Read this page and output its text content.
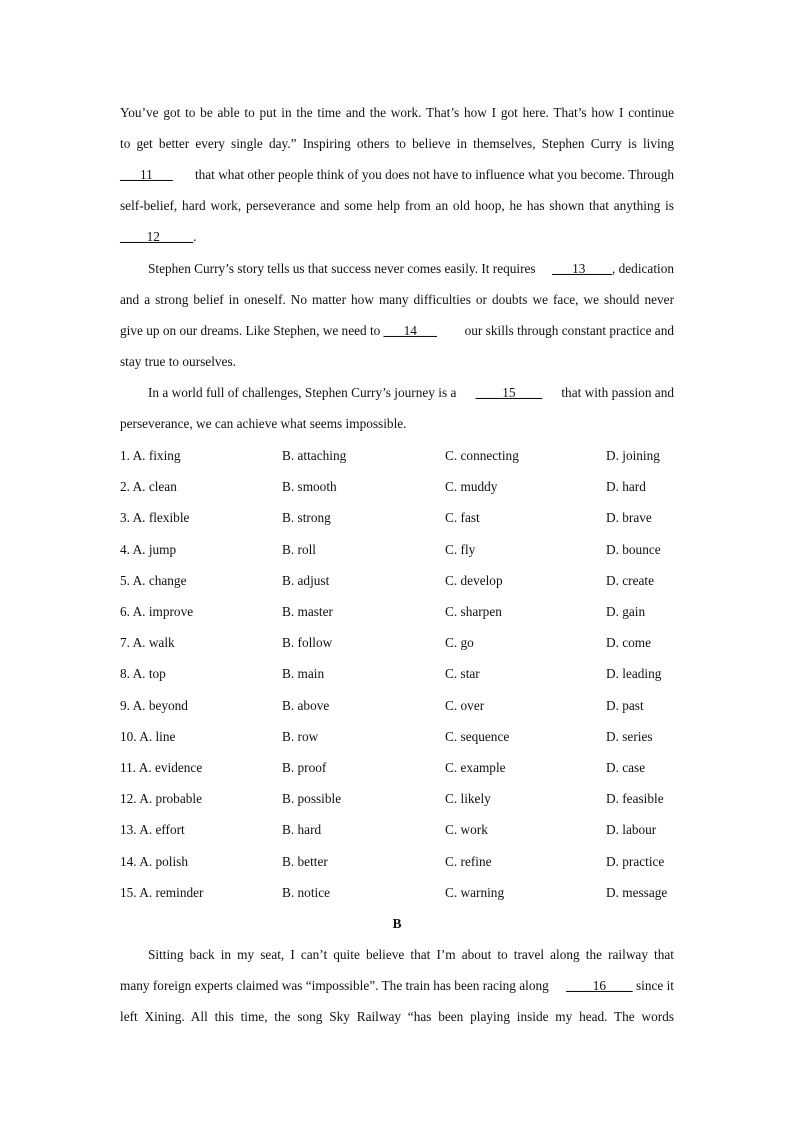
You’ve got to be able to put in the time and the work. That’s how I got here. That’s how I continue
to get better every single day.” Inspiring others to believe in themselves, Stephen Curry is living
___11___ that what other people think of you does not have to influence what you become. Through
self-belief, hard work, perseverance and some help from an old hoop, he has shown that anything is
____12_____.
Stephen Curry’s story tells us that success never comes easily. It requires ___13____, dedication
and a strong belief in oneself. No matter how many difficulties or doubts we face, we should never
give up on our dreams. Like Stephen, we need to ___14___ our skills through constant practice and
stay true to ourselves.
In a world full of challenges, Stephen Curry’s journey is a ____15____ that with passion and
perseverance, we can achieve what seems impossible.
1. A. fixing	B. attaching	C. connecting	D. joining
2. A. clean	B. smooth	C. muddy	D. hard
3. A. flexible	B. strong	C. fast	D. brave
4. A. jump	B. roll	C. fly	D. bounce
5. A. change	B. adjust	C. develop	D. create
6. A. improve	B. master	C. sharpen	D. gain
7. A. walk	B. follow	C. go	D. come
8. A. top	B. main	C. star	D. leading
9. A. beyond	B. above	C. over	D. past
10. A. line	B. row	C. sequence	D. series
11. A. evidence	B. proof	C. example	D. case
12. A. probable	B. possible	C. likely	D. feasible
13. A. effort	B. hard	C. work	D. labour
14. A. polish	B. better	C. refine	D. practice
15. A. reminder	B. notice	C. warning	D. message
B
Sitting back in my seat, I can’t quite believe that I’m about to travel along the railway that
many foreign experts claimed was “impossible”. The train has been racing along ____16____ since it
left Xining. All this time, the song Sky Railway “has been playing inside my head. The words
